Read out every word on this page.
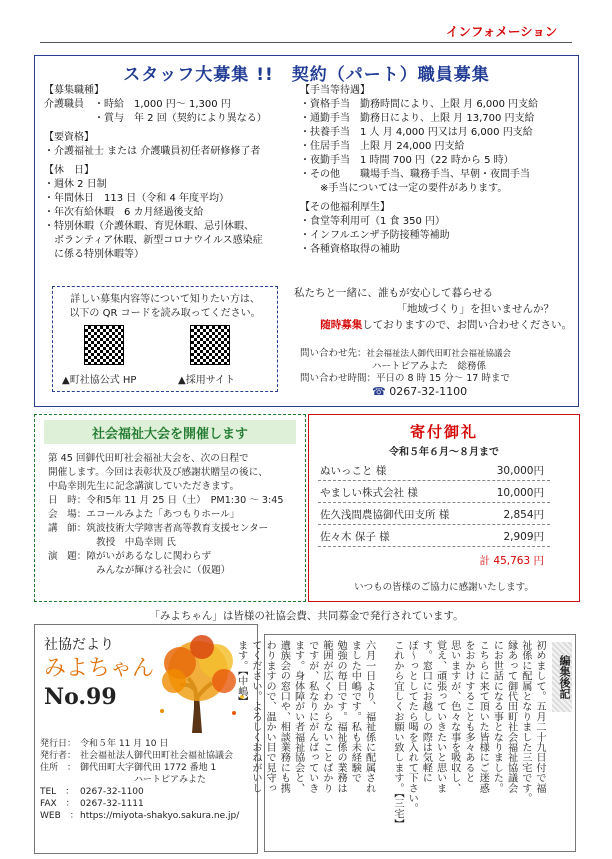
インフォメーション
スタッフ大募集 !!　契約（パート）職員募集
【募集職種】
介護職員　・時給　1,000 円〜 1,300 円
　　　　　・賞与　年 2 回（契約により異なる）
【要資格】
・介護福祉士 または 介護職員初任者研修修了者
【休　日】
・週休 2 日制
・年間休日　113 日（令和 4 年度平均）
・年次有給休暇　6 カ月経過後支給
・特別休暇（介護休暇、育児休暇、忌引休暇、
　ボランティア休暇、新型コロナウイルス感染症
　に係る特別休暇等）
【手当等待遇】
・資格手当　勤務時間により、上限 月 6,000 円支給
・通勤手当　勤務日により、上限 月 13,700 円支給
・扶養手当　1 人 月 4,000 円又は月 6,000 円支給
・住居手当　上限 月 24,000 円支給
・夜勤手当　1 時間 700 円（22 時から 5 時）
・その他　　職場手当、職務手当、早朝・夜間手当
　　※手当については一定の要件があります。
【その他福利厚生】
・食堂等利用可（1 食 350 円）
・インフルエンザ予防接種等補助
・各種資格取得の補助
詳しい募集内容等について知りたい方は、
以下の QR コードを読み取ってください。
▲町社協公式 HP	▲採用サイト
私たちと一緒に、誰もが安心して暮らせる
「地域づくり」を担いませんか？
随時募集しておりますので、お問い合わせください。
問い合わせ先：社会福祉法人御代田町社会福祉協議会
ハートピアみよた　総務係
問い合わせ時間：平日の 8 時 15 分〜 17 時まで
☎ 0267-32-1100
社会福祉大会を開催します
第 45 回御代田町社会福祉大会を、次の日程で
開催します。今回は表彰状及び感謝状贈呈の後に、
中島幸則先生に記念講演していただきます。
日　時：令和5年 11 月 25 日（土）　PM1:30 〜 3:45
会　場：エコールみよた「あつもりホール」
講　師：筑波技術大学障害者高等教育支援センター
教授　中島幸則 氏
演　題：障がいがあるなしに関わらず
みんなが輝ける社会に（仮題）
寄付御礼
令和５年６月～８月まで
ぬいっこと 様	30,000円
やましい株式会社 様	10,000円
佐久浅間農協御代田支所 様	2,854円
佐々木 保子 様	2,909円
計 45,763 円
いつもの皆様のご協力に感謝いたします。
「みよちゃん」は皆様の社協会費、共同募金で発行されています。
社協だより
みよちゃん
No.99
発行日： 令和５年 11 月 10 日
発行者： 社会福祉法人御代田町社会福祉協議会
住所　： 御代田町大字御代田 1772 番地 1
　　　　　　ハートピアみよた
TEL　： 0267-32-1100
FAX　： 0267-32-1111
WEB　：https://miyota-shakyo.sakura.ne.jp/
編集後記
初めまして。五月二十九日付で福
祉係に配属となりました三宅です。
縁あって御代田町社会福祉協議会
にお世話になる事となりました。
こちらに来て頂いた皆様にご迷惑
をおかけすることも多々あると
思いますが、色々な事を吸収し、
覚え、頑張っていきたいと思いま
す。窓口にお越しの際は気軽に
ぽ〜っとしてたら喝を入れて下さい。
これから宜しくお願い致します。【三宅】

六月一日より、福祉係に配属され
ました中嶋です。私も未経験で
勉強の毎日です。福祉係の業務は
範囲が広くわからないことばかり
ですが、私なりにがんばっていき
ます。身体障がい者福祉協会と、
遺族会の窓口や、相談業務にも携
わりますので、温かい目で見守っ
てください。よろしくおねがいし
ます。【中嶋】
